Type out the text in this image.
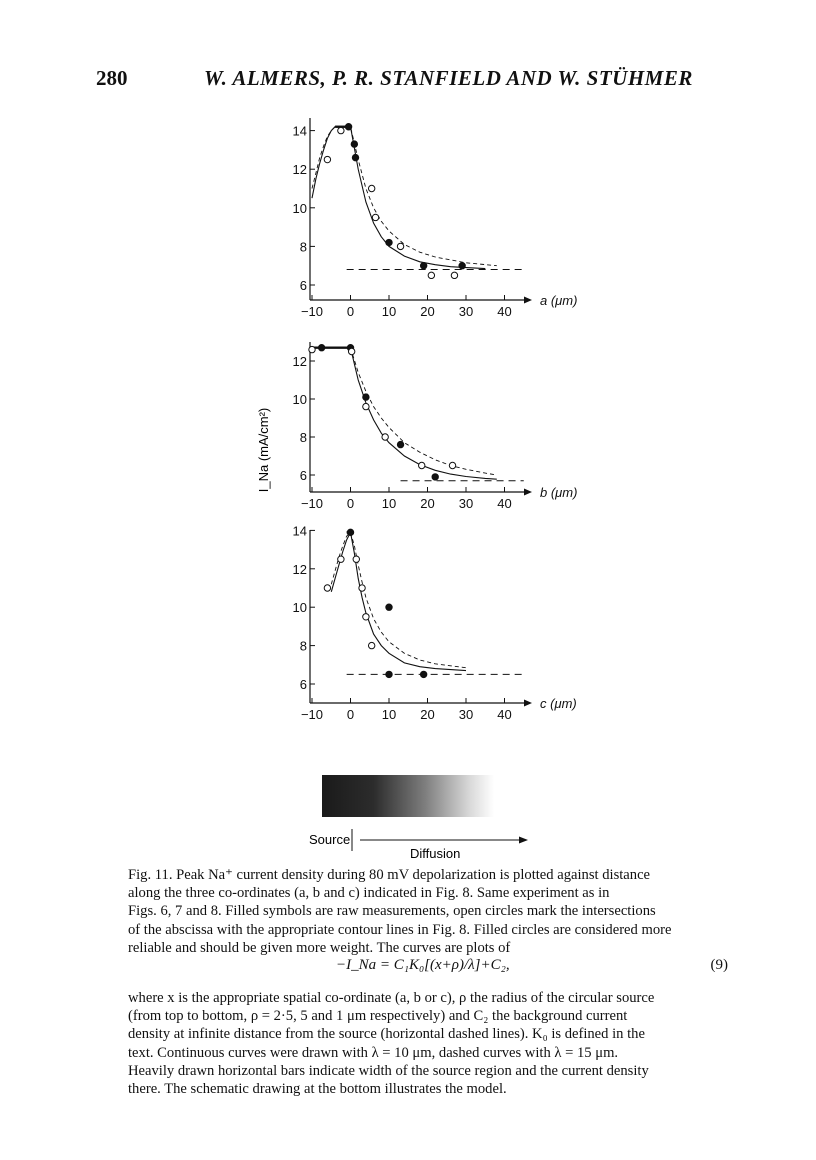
280	W. ALMERS, P. R. STANFIELD AND W. STÜHMER
a (μm)
−10 0 10 20 30 40
6
8
10
12
14
b (μm)
−10 0 10 20 30 40
6
8
10
12
c (μm)
−10 0 10 20 30 40
6
8
10
12
14
I_Na (mA/cm²)
Source
Diffusion
Fig. 11. Peak Na⁺ current density during 80 mV depolarization is plotted against distance
along the three co-ordinates (a, b and c) indicated in Fig. 8. Same experiment as in
Figs. 6, 7 and 8. Filled symbols are raw measurements, open circles mark the intersections
of the abscissa with the appropriate contour lines in Fig. 8. Filled circles are considered more
reliable and should be given more weight. The curves are plots of
−I_Na = C₁K₀[(x+ρ)/λ]+C₂,	(9)
where x is the appropriate spatial co-ordinate (a, b or c), ρ the radius of the circular source
(from top to bottom, ρ = 2·5, 5 and 1 μm respectively) and C₂ the background current
density at infinite distance from the source (horizontal dashed lines). K₀ is defined in the
text. Continuous curves were drawn with λ = 10 μm, dashed curves with λ = 15 μm.
Heavily drawn horizontal bars indicate width of the source region and the current density
there. The schematic drawing at the bottom illustrates the model.
